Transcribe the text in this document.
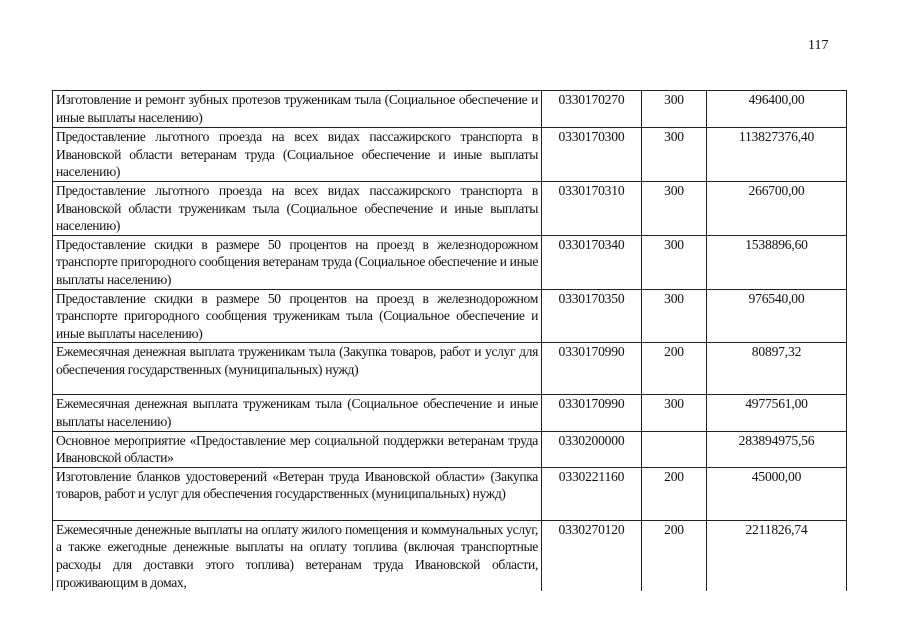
117
Изготовление и ремонт зубных протезов труженикам тыла (Социальное обеспечение и иные выплаты населению)	0330170270	300	496400,00
Предоставление льготного проезда на всех видах пассажирского транспорта в Ивановской области ветеранам труда (Социальное обеспечение и иные выплаты населению)	0330170300	300	113827376,40
Предоставление льготного проезда на всех видах пассажирского транспорта в Ивановской области труженикам тыла (Социальное обеспечение и иные выплаты населению)	0330170310	300	266700,00
Предоставление скидки в размере 50 процентов на проезд в железнодорожном транспорте пригородного сообщения ветеранам труда (Социальное обеспечение и иные выплаты населению)	0330170340	300	1538896,60
Предоставление скидки в размере 50 процентов на проезд в железнодорожном транспорте пригородного сообщения труженикам тыла (Социальное обеспечение и иные выплаты населению)	0330170350	300	976540,00
Ежемесячная денежная выплата труженикам тыла (Закупка товаров, работ и услуг для обеспечения государственных (муниципальных) нужд)	0330170990	200	80897,32
Ежемесячная денежная выплата труженикам тыла (Социальное обеспечение и иные выплаты населению)	0330170990	300	4977561,00
Основное мероприятие «Предоставление мер социальной поддержки ветеранам труда Ивановской области»	0330200000		283894975,56
Изготовление бланков удостоверений «Ветеран труда Ивановской области» (Закупка товаров, работ и услуг для обеспечения государственных (муниципальных) нужд)	0330221160	200	45000,00
Ежемесячные денежные выплаты на оплату жилого помещения и коммунальных услуг, а также ежегодные денежные выплаты на оплату топлива (включая транспортные расходы для доставки этого топлива) ветеранам труда Ивановской области, проживающим в домах,	0330270120	200	2211826,74
